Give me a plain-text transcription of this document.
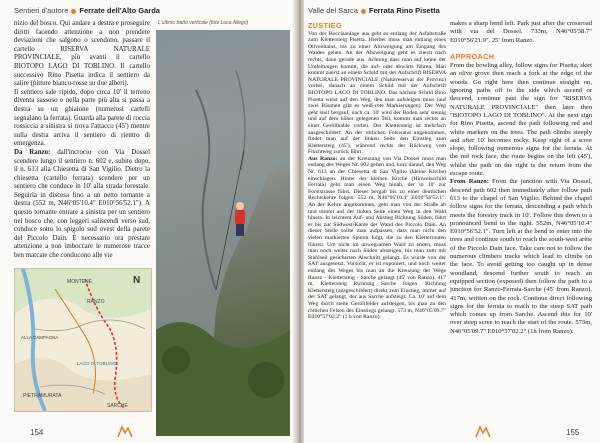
Sentieri d'autore Ferrate dell'Alto Garda

nizio del bosco. Qui andare a destra e proseguire diritti facendo attenzione a non prendere deviazioni che salgono o scendono, passare il cartello RISERVA NATURALE PROVINCIALE, più avanti il cartello BIOTOPO LAGO DI TOBLINO. Il cartello successivo Rino Pisetta indica il sentiero da salire (pitture bianco-rosse su due alberi).

Il sentiero sale ripido, dopo circa 10' il terreno diventa sassoso e nella parte più alta si passa a destra su un ghiaione (numerosi cartelli segnalano la ferrata). Guarda alla parete di roccia rossiccia a sinistra si trova l'attacco (45') mentre sulla destra arriva il sentiero di rientro di emergenza.

Da Ranzo: dall'incrocio con Via Dossel scendere lungo il sentiero n. 602 e, subito dopo, il n. 613 alla Chiesetta di San Vigilio. Dietro la chiesetta (cartello ferrata) scendere per un sentiero che conduce in 10' alla strada forestale. Seguirla in discesa fino a un netto tornante a destra (552 m, N46°05'10.4" E010°56'52.1"). A questo tornante entrare a sinistra per un sentiero nel bosco che, con leggeri saliscendi verso sud, conduce sotto lo spigolo sud ovest della parete del Piccolo Dain. È necessario ora prestare attenzione a non imboccare le numerose tracce ben marcate che conducono alle vie

N
MONTENE
RANZO
ALLA CAMPAGNA
PIETRAMURATA
SARCHE
LAGO DI TOBLINO
L'ultimo tratto verticale (foto Luca Allegri)
154
Valle del Sarca Ferrata Rino Pisetta
ZUSTIEG

Von der Bocciaanlage aus geht es entlang der Asfaltstraße zum Klettersteig Pisetta. Hierbei muss man entlang eines Olivenhains, bis zu einer Abzweigung am Eingang des Waldes gehen. An der Abzweigung geht es zuerst nach rechts, dann gerade aus. Achtung dass man auf keine der Umleitungen kommt, die auf- oder abwärts führen. Man kommt zuerst an einem Schild mit der Aufschrift RISERVA NATURALE PROVINCIALE (Naturreservat der Provinz) vorbei, danach an einem Schild mit der Aufschrift BIOTOPO LAGO DI TOBLINO. Das nächste Schild Rino Pisetta weist auf den Weg, den man aufsteigen muss (auf zwei Bäumen gibt es weiß-rote Markierungen). Der Weg geht steil bergauf, nach ca. 10' wird der Boden sehr steinig und auf dem höher gelegenen Teil, kommt man rechts an einer Geröllhalde vorbei. Der Klettersteig ist mehrfach ausgeschildert. An der rötlichen Felswand angekommen, findet man auf der linken Seite den Einstieg zum Klettersteig (45'), während rechts der Rückweg vom Fluchtweg zurück führt.

Aus Ranzo: an der Kreuzung von Via Dossel muss man entlang des Weges Nr. 602 gehen und, kurz darauf, den Weg Nr. 613 an der Chiesetta di San Vigilio (kleine Kirche) einschlagen. Hinter der kleinen Kirche (Hinweisschild Ferrata) geht man einen Weg hinab, der in 10' zur Forststrasse führt. Dieser bergab bis zu einer deutlichen Rechtskehre folgen: 552 m, N46°05'10.4" E010°56'52.1". An der Kehre angekommen, geht man von der Straße ab und nimmt auf der linken Seite einen Weg in den Wald hinein. In leichtem Auf- und Abstieg Richtung Süden, führt er bis zur Südwest-Kante der Wand des Piccolo Dain. An dieser Stelle sollte man aufpassen, dass man nicht den vielen markierten Spuren folgt, die zu den Kletterrouten führen. Um nicht im unwegsamen Wald zu enden, muss man noch weiter nach Süden absteigen, bis man zum mit Stahlseil gesicherten Abschnitt gelangt. Es wurde von der SAT ausgesetzt. Vorsicht, er ist exponiert, und noch weiter entlang des Weges bis man an die Kreuzung der Wege Ranzo - Klettersteig - Sarche gelangt (45' von Ranzo). 417 m, Klettersteig Richtung Sarche folgen. Richtung Klettersteig (ausgeschildert) direkt zum Einstieg, immer auf der SAT gelangt, der aus Sarche aufsteigt. Ca. 10' auf dem Weg durch steile Geröllfelder aufsteigen, bis man zu den rötlichen Felsen des Einstiegs gelangt. 573 m, N46°05'09.7" E010°57'02.2" (1 h von Ranzo).

makes a sharp bend left. Park just after the crossroad with via del Dossel. 733m, N46°05'38.7" E010°56'21.9". 25' from Ranzo.

APPROACH

From the bowling alley, follow signs for Pisetta, skirt an olive grove then reach a fork at the edge of the woods. Go right here then continue straight on, ignoring paths off to the side which ascend or descend, continue past the sign for "RISERVA NATURALE PROVINCIALE" then later then "BIOTOPO LAGO DI TOBLINO". At the next sign for Rino Pisetta, ascend the path following red and white markers on the trees. The path climbs steeply and after 10' becomes rocky. Keep right of a scree slope, following numerous signs for the ferrata. At the red rock face, the route begins on the left (45'), whilst the path on the right is the return from the escape route.

From Ranzo: From the junction with Via Dossel, descend path 602 then immediately after follow path 613 to the chapel of San Vigilio. Behind the chapel follow signs for the ferrata, descending a path which meets the forestry track in 10'. Follow this down to a pronounced bend to the right. 552m, N46°05'10.4" E010°56'52.1". Turn left at the bend to enter into the trees and continue south to reach the south-west arête of the Piccolo Dain face. Take care not to follow the numerous climbers tracks which lead to climbs on the face. To avoid getting too caught up in dense woodland, descend further south to reach an equipped section (exposed) then follow the path to a junction for Ranzo-Ferrata-Sarche (45' from Ranzo). 417m, written on the rock. Continue direct following signs for the ferrata to reach to the steep SAT path which comes up from Sarche. Ascend this for 10' over steep scree to reach the start of the route. 573m, N46°05'09.7" E010°57'02.2" (1h from Ranzo).

155
